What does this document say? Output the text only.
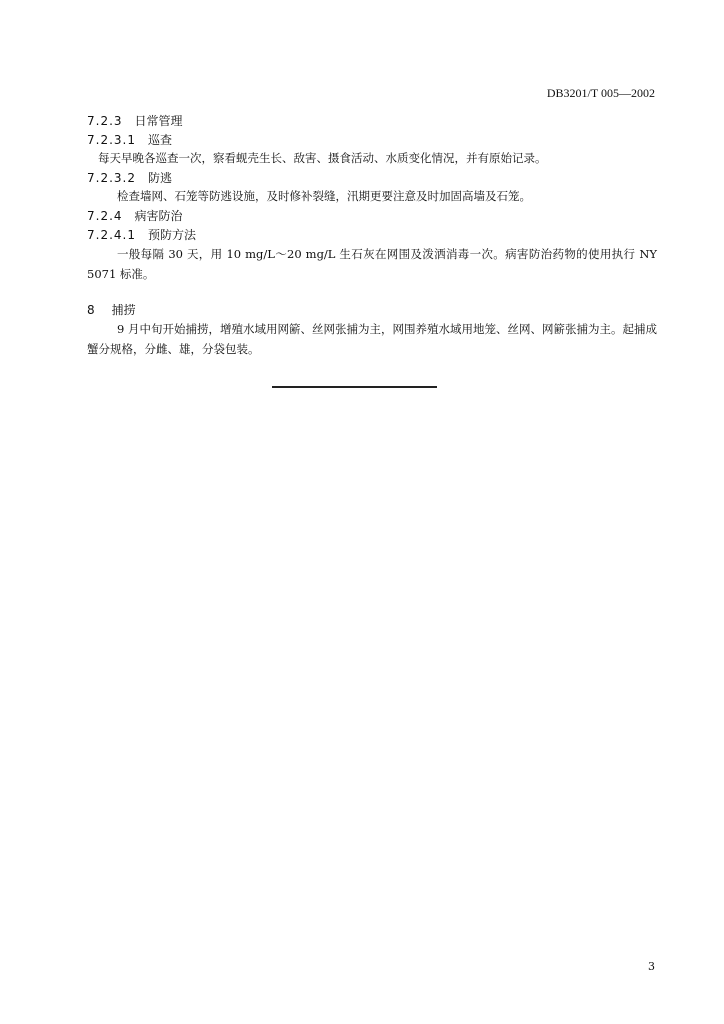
DB3201/T 005—2002
7.2.3 日常管理
7.2.3.1 巡查
每天早晚各巡查一次，察看蚬壳生长、敌害、摄食活动、水质变化情况，并有原始记录。
7.2.3.2 防逃
检查墙网、石笼等防逃设施，及时修补裂缝，汛期更要注意及时加固高墙及石笼。
7.2.4 病害防治
7.2.4.1 预防方法
一般每隔 30 天，用 10 mg/L～20 mg/L 生石灰在网围及泼洒消毒一次。病害防治药物的使用执行 NY 5071 标准。
8 捕捞
9 月中旬开始捕捞，增殖水域用网簖、丝网张捕为主，网围养殖水域用地笼、丝网、网簖张捕为主。起捕成蟹分规格，分雌、雄，分袋包装。
3
